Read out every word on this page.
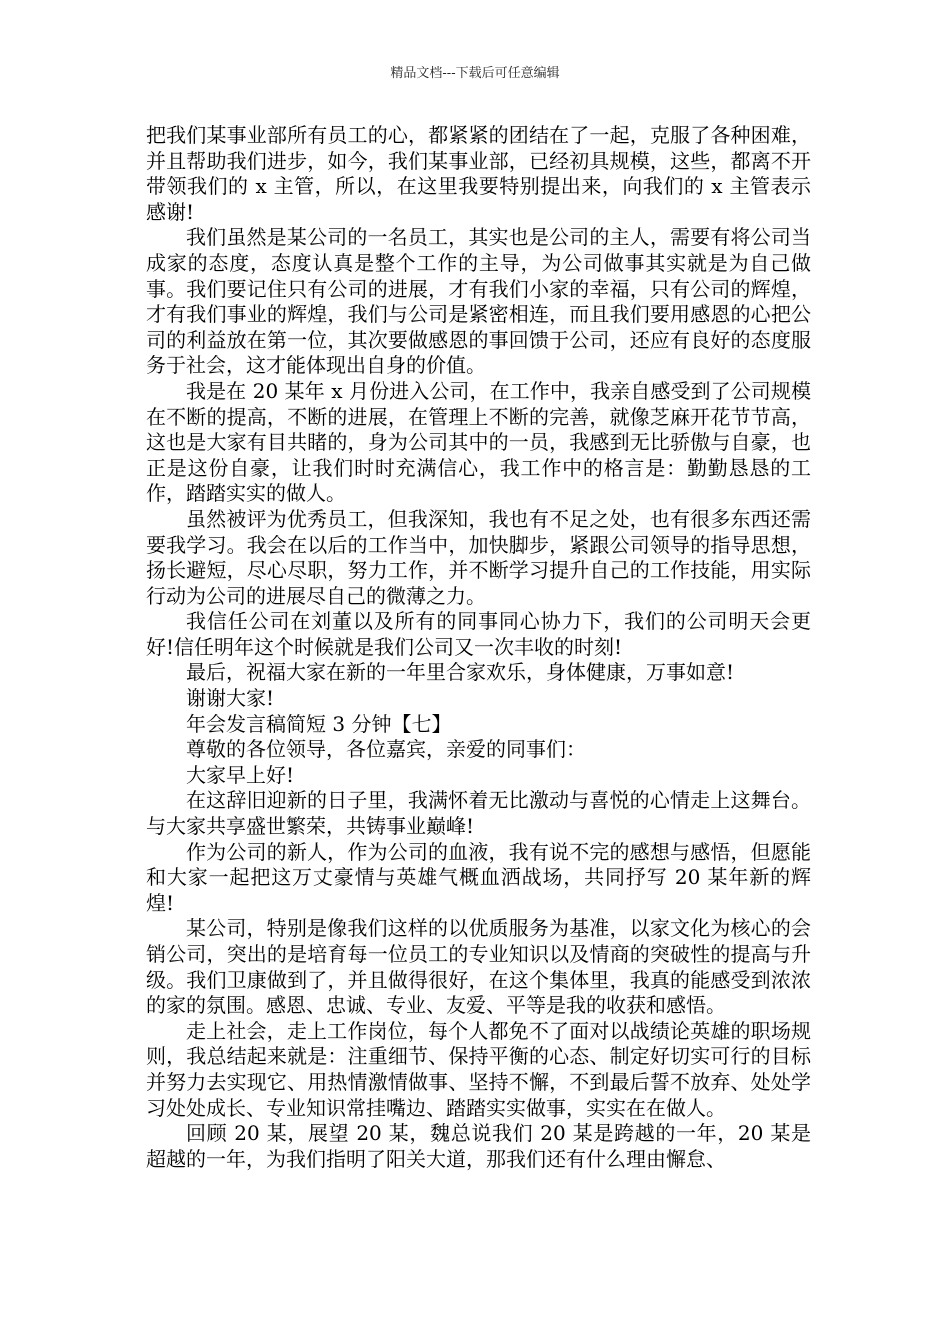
精品文档---下载后可任意编辑

把我们某事业部所有员工的心，都紧紧的团结在了一起，克服了各种困难，并且帮助我们进步，如今，我们某事业部，已经初具规模，这些，都离不开带领我们的 x 主管，所以，在这里我要特别提出来，向我们的 x 主管表示感谢!

我们虽然是某公司的一名员工，其实也是公司的主人，需要有将公司当成家的态度，态度认真是整个工作的主导，为公司做事其实就是为自己做事。我们要记住只有公司的进展，才有我们小家的幸福，只有公司的辉煌，才有我们事业的辉煌，我们与公司是紧密相连，而且我们要用感恩的心把公司的利益放在第一位，其次要做感恩的事回馈于公司，还应有良好的态度服务于社会，这才能体现出自身的价值。

我是在 20 某年 x 月份进入公司，在工作中，我亲自感受到了公司规模在不断的提高，不断的进展，在管理上不断的完善，就像芝麻开花节节高，这也是大家有目共睹的，身为公司其中的一员，我感到无比骄傲与自豪，也正是这份自豪，让我们时时充满信心，我工作中的格言是：勤勤恳恳的工作，踏踏实实的做人。

虽然被评为优秀员工，但我深知，我也有不足之处，也有很多东西还需要我学习。我会在以后的工作当中，加快脚步，紧跟公司领导的指导思想，扬长避短，尽心尽职，努力工作，并不断学习提升自己的工作技能，用实际行动为公司的进展尽自己的微薄之力。

我信任公司在刘董以及所有的同事同心协力下，我们的公司明天会更好!信任明年这个时候就是我们公司又一次丰收的时刻!

最后，祝福大家在新的一年里合家欢乐，身体健康，万事如意!

谢谢大家!

年会发言稿简短 3 分钟【七】

尊敬的各位领导，各位嘉宾，亲爱的同事们：

大家早上好!

在这辞旧迎新的日子里，我满怀着无比激动与喜悦的心情走上这舞台。与大家共享盛世繁荣，共铸事业巅峰!

作为公司的新人，作为公司的血液，我有说不完的感想与感悟，但愿能和大家一起把这万丈豪情与英雄气概血洒战场，共同抒写 20 某年新的辉煌!

某公司，特别是像我们这样的以优质服务为基准，以家文化为核心的会销公司，突出的是培育每一位员工的专业知识以及情商的突破性的提高与升级。我们卫康做到了，并且做得很好，在这个集体里，我真的能感受到浓浓的家的氛围。感恩、忠诚、专业、友爱、平等是我的收获和感悟。

走上社会，走上工作岗位，每个人都免不了面对以战绩论英雄的职场规则，我总结起来就是：注重细节、保持平衡的心态、制定好切实可行的目标并努力去实现它、用热情激情做事、坚持不懈，不到最后誓不放弃、处处学习处处成长、专业知识常挂嘴边、踏踏实实做事，实实在在做人。

回顾 20 某，展望 20 某，魏总说我们 20 某是跨越的一年，20 某是超越的一年，为我们指明了阳关大道，那我们还有什么理由懈怠、
